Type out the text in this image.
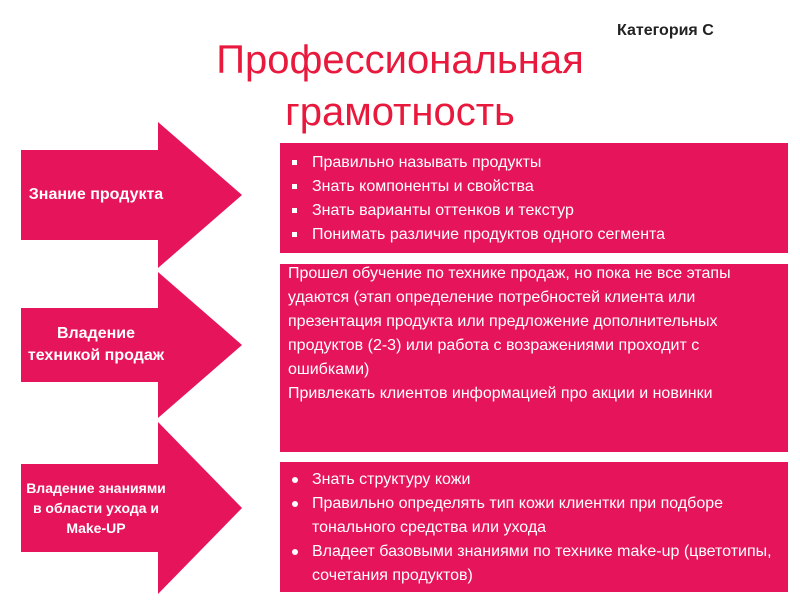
Категория С
Профессиональная
грамотность
Знание продукта
Владение техникой продаж
Владение знаниями в области ухода и Make-UP
Правильно называть продукты
Знать компоненты и свойства
Знать варианты оттенков и текстур
Понимать различие продуктов одного сегмента

Прошел обучение по технике продаж, но пока не все этапы удаются (этап определение потребностей клиента или презентация продукта или предложение дополнительных продуктов (2-3) или работа с возражениями проходит с ошибками)

Привлекать клиентов информацией про акции и новинки

Знать структуру кожи
Правильно определять тип кожи клиентки при подборе тонального средства или ухода
Владеет базовыми знаниями по технике make-up (цветотипы, сочетания продуктов)
